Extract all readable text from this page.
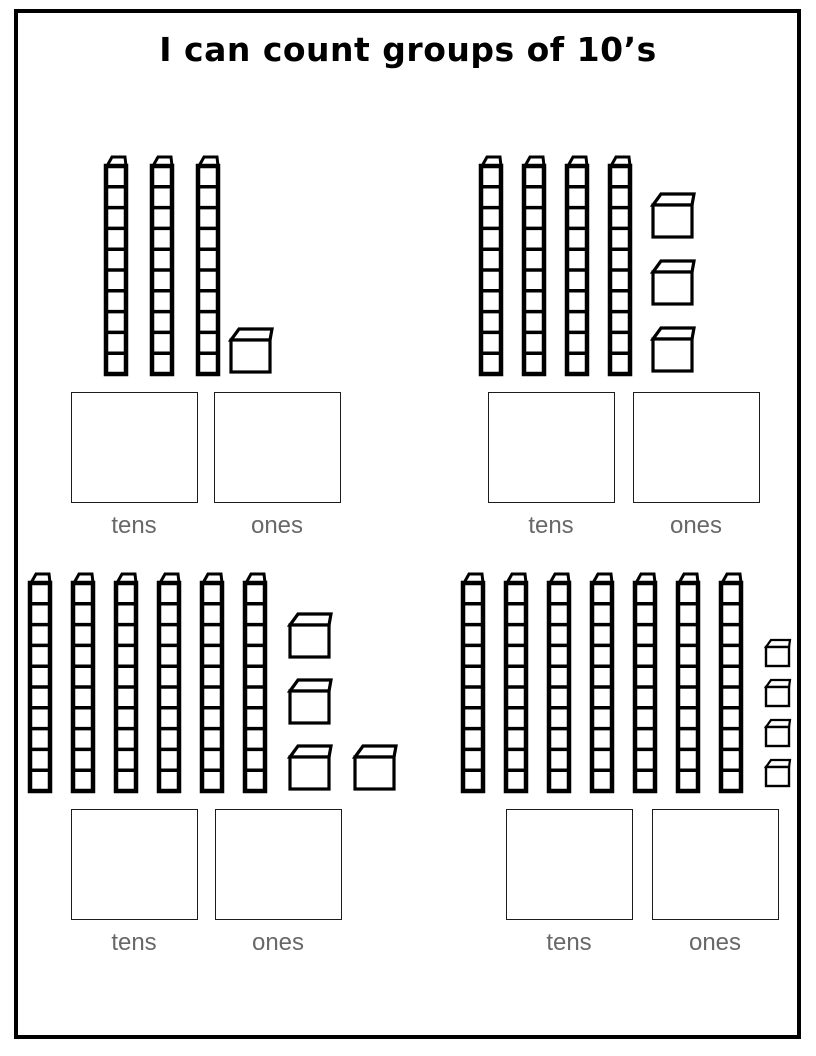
I can count groups of 10’s
tens	ones	tens	ones
tens	ones	tens	ones
